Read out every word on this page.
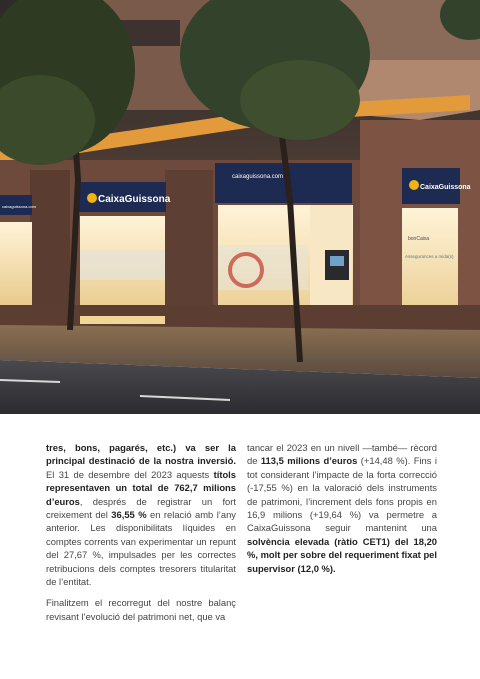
CaixaGuissona
caixaguissona.com
caixaguissona.com
CaixaGuissona
bonCaixa
Assegurances a mida(s)

tres, bons, pagarés, etc.) va ser la principal destinació de la nostra inversió. El 31 de desembre del 2023 aquests títols representaven un total de 762,7 milions d’euros, després de registrar un fort creixement del 36,55 % en relació amb l’any anterior. Les disponibilitats líquides en comptes corrents van experimentar un repunt del 27,67 %, impulsades per les correctes retribucions dels comptes tresorers titularitat de l’entitat.

Finalitzem el recorregut del nostre balanç revisant l’evolució del patrimoni net, que va

tancar el 2023 en un nivell —també— rècord de 113,5 milions d’euros (+14,48 %). Fins i tot considerant l’impacte de la forta correcció (-17,55 %) en la valoració dels instruments de patrimoni, l’increment dels fons propis en 16,9 milions (+19,64 %) va permetre a CaixaGuissona seguir mantenint una solvència elevada (ràtio CET1) del 18,20 %, molt per sobre del requeriment fixat pel supervisor (12,0 %).
